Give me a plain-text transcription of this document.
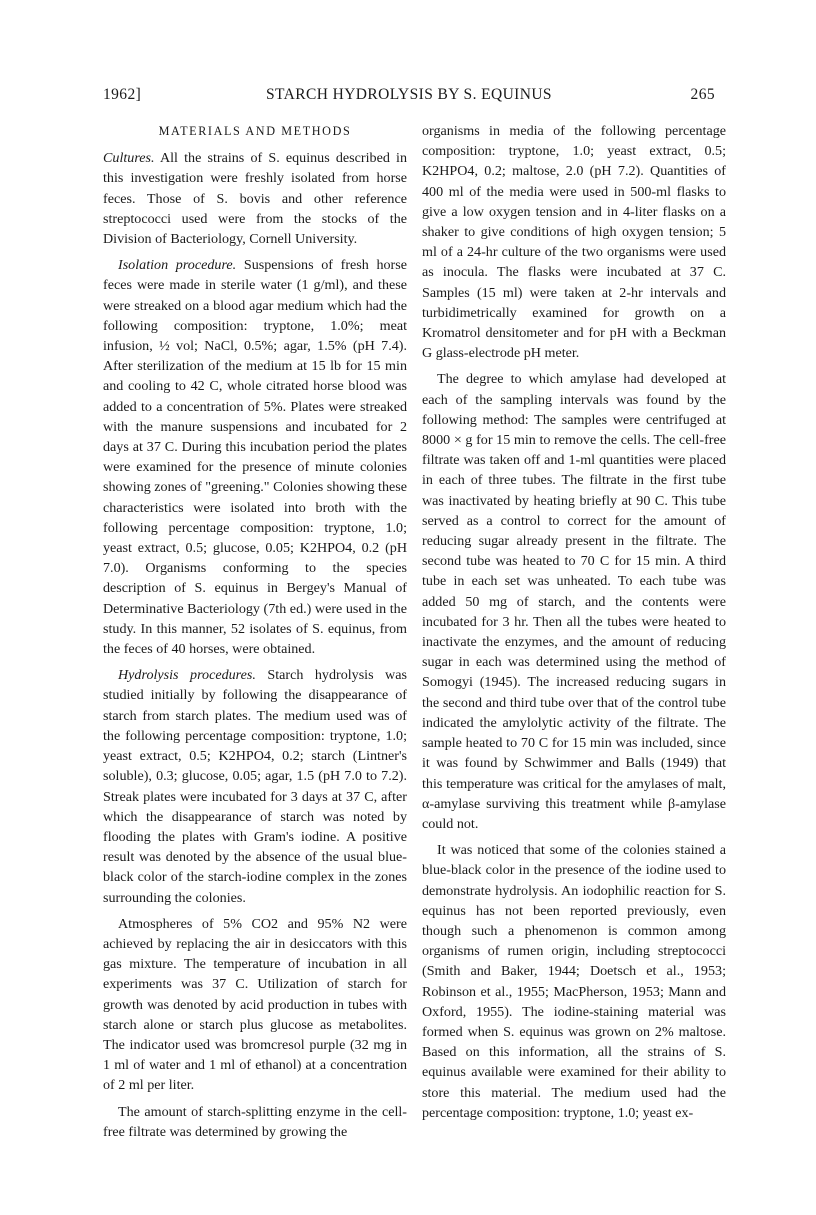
1962]	STARCH HYDROLYSIS BY S. EQUINUS	265
MATERIALS AND METHODS

Cultures. All the strains of S. equinus described in this investigation were freshly isolated from horse feces. Those of S. bovis and other reference streptococci used were from the stocks of the Division of Bacteriology, Cornell University.

Isolation procedure. Suspensions of fresh horse feces were made in sterile water (1 g/ml), and these were streaked on a blood agar medium which had the following composition: tryptone, 1.0%; meat infusion, ½ vol; NaCl, 0.5%; agar, 1.5% (pH 7.4). After sterilization of the medium at 15 lb for 15 min and cooling to 42 C, whole citrated horse blood was added to a concentration of 5%. Plates were streaked with the manure suspensions and incubated for 2 days at 37 C. During this incubation period the plates were examined for the presence of minute colonies showing zones of "greening." Colonies showing these characteristics were isolated into broth with the following percentage composition: tryptone, 1.0; yeast extract, 0.5; glucose, 0.05; K2HPO4, 0.2 (pH 7.0). Organisms conforming to the species description of S. equinus in Bergey's Manual of Determinative Bacteriology (7th ed.) were used in the study. In this manner, 52 isolates of S. equinus, from the feces of 40 horses, were obtained.

Hydrolysis procedures. Starch hydrolysis was studied initially by following the disappearance of starch from starch plates. The medium used was of the following percentage composition: tryptone, 1.0; yeast extract, 0.5; K2HPO4, 0.2; starch (Lintner's soluble), 0.3; glucose, 0.05; agar, 1.5 (pH 7.0 to 7.2). Streak plates were incubated for 3 days at 37 C, after which the disappearance of starch was noted by flooding the plates with Gram's iodine. A positive result was denoted by the absence of the usual blue-black color of the starch-iodine complex in the zones surrounding the colonies.

Atmospheres of 5% CO2 and 95% N2 were achieved by replacing the air in desiccators with this gas mixture. The temperature of incubation in all experiments was 37 C. Utilization of starch for growth was denoted by acid production in tubes with starch alone or starch plus glucose as metabolites. The indicator used was bromcresol purple (32 mg in 1 ml of water and 1 ml of ethanol) at a concentration of 2 ml per liter.

The amount of starch-splitting enzyme in the cell-free filtrate was determined by growing the

organisms in media of the following percentage composition: tryptone, 1.0; yeast extract, 0.5; K2HPO4, 0.2; maltose, 2.0 (pH 7.2). Quantities of 400 ml of the media were used in 500-ml flasks to give a low oxygen tension and in 4-liter flasks on a shaker to give conditions of high oxygen tension; 5 ml of a 24-hr culture of the two organisms were used as inocula. The flasks were incubated at 37 C. Samples (15 ml) were taken at 2-hr intervals and turbidimetrically examined for growth on a Kromatrol densitometer and for pH with a Beckman G glass-electrode pH meter.

The degree to which amylase had developed at each of the sampling intervals was found by the following method: The samples were centrifuged at 8000 × g for 15 min to remove the cells. The cell-free filtrate was taken off and 1-ml quantities were placed in each of three tubes. The filtrate in the first tube was inactivated by heating briefly at 90 C. This tube served as a control to correct for the amount of reducing sugar already present in the filtrate. The second tube was heated to 70 C for 15 min. A third tube in each set was unheated. To each tube was added 50 mg of starch, and the contents were incubated for 3 hr. Then all the tubes were heated to inactivate the enzymes, and the amount of reducing sugar in each was determined using the method of Somogyi (1945). The increased reducing sugars in the second and third tube over that of the control tube indicated the amylolytic activity of the filtrate. The sample heated to 70 C for 15 min was included, since it was found by Schwimmer and Balls (1949) that this temperature was critical for the amylases of malt, α-amylase surviving this treatment while β-amylase could not.

It was noticed that some of the colonies stained a blue-black color in the presence of the iodine used to demonstrate hydrolysis. An iodophilic reaction for S. equinus has not been reported previously, even though such a phenomenon is common among organisms of rumen origin, including streptococci (Smith and Baker, 1944; Doetsch et al., 1953; Robinson et al., 1955; MacPherson, 1953; Mann and Oxford, 1955). The iodine-staining material was formed when S. equinus was grown on 2% maltose. Based on this information, all the strains of S. equinus available were examined for their ability to store this material. The medium used had the percentage composition: tryptone, 1.0; yeast ex-
